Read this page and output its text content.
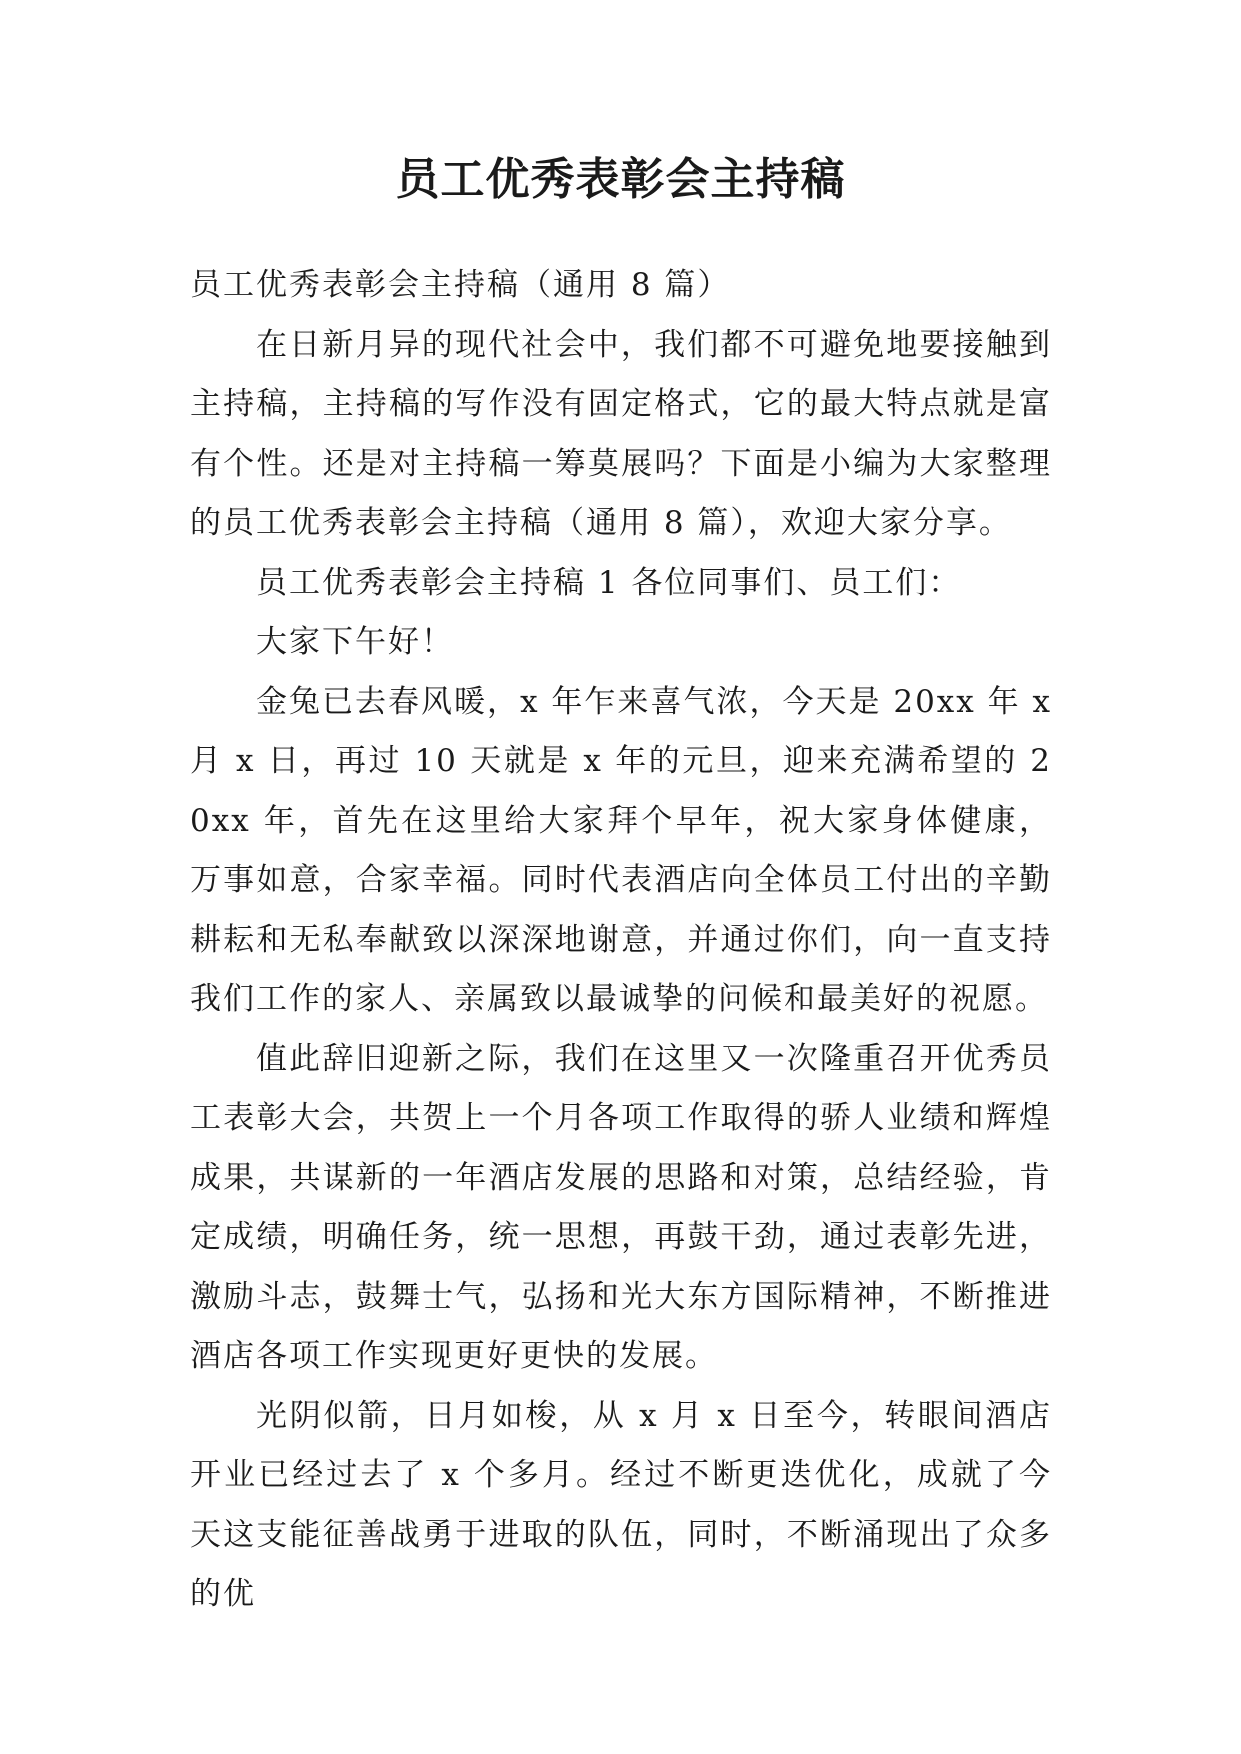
员工优秀表彰会主持稿

员工优秀表彰会主持稿（通用 8 篇）

在日新月异的现代社会中，我们都不可避免地要接触到主持稿，主持稿的写作没有固定格式，它的最大特点就是富有个性。还是对主持稿一筹莫展吗？下面是小编为大家整理的员工优秀表彰会主持稿（通用 8 篇），欢迎大家分享。

员工优秀表彰会主持稿 1 各位同事们、员工们：

大家下午好！

金兔已去春风暖，x 年乍来喜气浓，今天是 20xx 年 x 月 x 日，再过 10 天就是 x 年的元旦，迎来充满希望的 20xx 年，首先在这里给大家拜个早年，祝大家身体健康，万事如意，合家幸福。同时代表酒店向全体员工付出的辛勤耕耘和无私奉献致以深深地谢意，并通过你们，向一直支持我们工作的家人、亲属致以最诚挚的问候和最美好的祝愿。

值此辞旧迎新之际，我们在这里又一次隆重召开优秀员工表彰大会，共贺上一个月各项工作取得的骄人业绩和辉煌成果，共谋新的一年酒店发展的思路和对策，总结经验，肯定成绩，明确任务，统一思想，再鼓干劲，通过表彰先进，激励斗志，鼓舞士气，弘扬和光大东方国际精神，不断推进酒店各项工作实现更好更快的发展。

光阴似箭，日月如梭，从 x 月 x 日至今，转眼间酒店开业已经过去了 x 个多月。经过不断更迭优化，成就了今天这支能征善战勇于进取的队伍，同时，不断涌现出了众多的优
